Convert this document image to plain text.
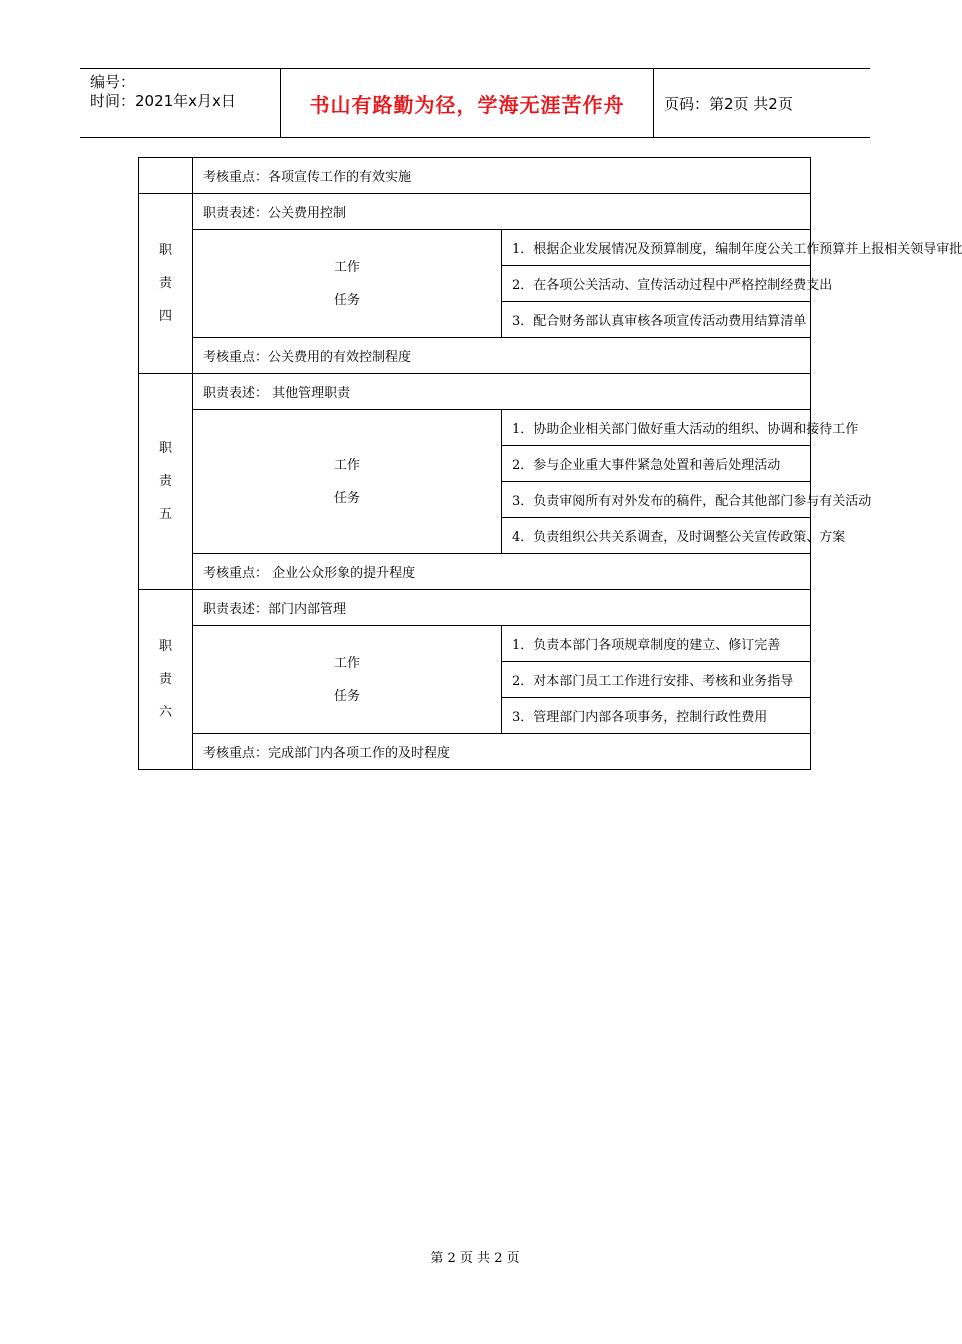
编号：
时间：2021年x月x日	书山有路勤为径，学海无涯苦作舟	页码：第2页 共2页
	考核重点：各项宣传工作的有效实施	

职
责
四	职责表述：公关费用控制	

	工作
任务	1．根据企业发展情况及预算制度，编制年度公关工作预算并上报相关领导审批
		2．在各项公关活动、宣传活动过程中严格控制经费支出
		3．配合财务部认真审核各项宣传活动费用结算清单
	考核重点：公关费用的有效控制程度	

职
责
五	职责表述： 其他管理职责	

	工作
任务	1．协助企业相关部门做好重大活动的组织、协调和接待工作
		2．参与企业重大事件紧急处置和善后处理活动
		3．负责审阅所有对外发布的稿件，配合其他部门参与有关活动
		4．负责组织公共关系调查，及时调整公关宣传政策、方案
	考核重点： 企业公众形象的提升程度	

职
责
六	职责表述：部门内部管理	

	工作
任务	1．负责本部门各项规章制度的建立、修订完善
		2．对本部门员工工作进行安排、考核和业务指导
		3．管理部门内部各项事务，控制行政性费用
	考核重点：完成部门内各项工作的及时程度	
第 2 页 共 2 页
